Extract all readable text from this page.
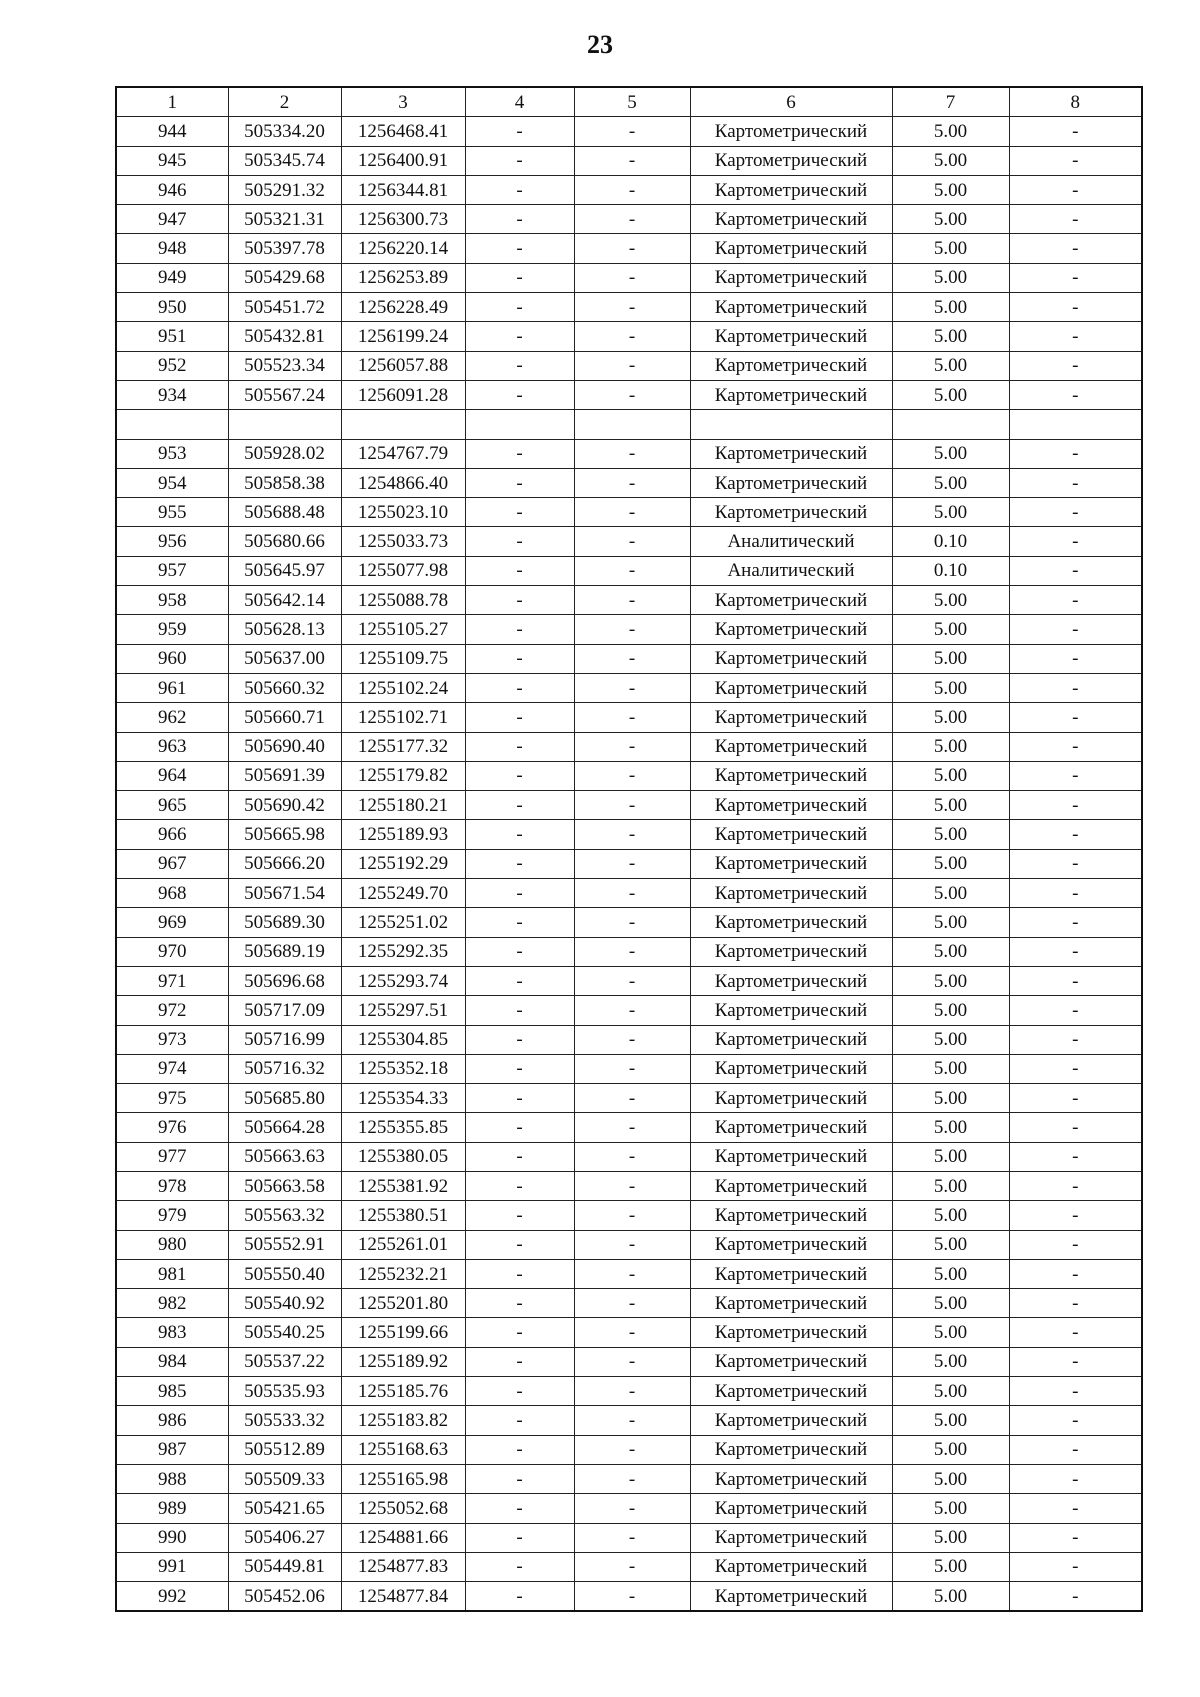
23
1	2	3	4	5	6	7	8
944	505334.20	1256468.41	-	-	Картометрический	5.00	-
945	505345.74	1256400.91	-	-	Картометрический	5.00	-
946	505291.32	1256344.81	-	-	Картометрический	5.00	-
947	505321.31	1256300.73	-	-	Картометрический	5.00	-
948	505397.78	1256220.14	-	-	Картометрический	5.00	-
949	505429.68	1256253.89	-	-	Картометрический	5.00	-
950	505451.72	1256228.49	-	-	Картометрический	5.00	-
951	505432.81	1256199.24	-	-	Картометрический	5.00	-
952	505523.34	1256057.88	-	-	Картометрический	5.00	-
934	505567.24	1256091.28	-	-	Картометрический	5.00	-

953	505928.02	1254767.79	-	-	Картометрический	5.00	-
954	505858.38	1254866.40	-	-	Картометрический	5.00	-
955	505688.48	1255023.10	-	-	Картометрический	5.00	-
956	505680.66	1255033.73	-	-	Аналитический	0.10	-
957	505645.97	1255077.98	-	-	Аналитический	0.10	-
958	505642.14	1255088.78	-	-	Картометрический	5.00	-
959	505628.13	1255105.27	-	-	Картометрический	5.00	-
960	505637.00	1255109.75	-	-	Картометрический	5.00	-
961	505660.32	1255102.24	-	-	Картометрический	5.00	-
962	505660.71	1255102.71	-	-	Картометрический	5.00	-
963	505690.40	1255177.32	-	-	Картометрический	5.00	-
964	505691.39	1255179.82	-	-	Картометрический	5.00	-
965	505690.42	1255180.21	-	-	Картометрический	5.00	-
966	505665.98	1255189.93	-	-	Картометрический	5.00	-
967	505666.20	1255192.29	-	-	Картометрический	5.00	-
968	505671.54	1255249.70	-	-	Картометрический	5.00	-
969	505689.30	1255251.02	-	-	Картометрический	5.00	-
970	505689.19	1255292.35	-	-	Картометрический	5.00	-
971	505696.68	1255293.74	-	-	Картометрический	5.00	-
972	505717.09	1255297.51	-	-	Картометрический	5.00	-
973	505716.99	1255304.85	-	-	Картометрический	5.00	-
974	505716.32	1255352.18	-	-	Картометрический	5.00	-
975	505685.80	1255354.33	-	-	Картометрический	5.00	-
976	505664.28	1255355.85	-	-	Картометрический	5.00	-
977	505663.63	1255380.05	-	-	Картометрический	5.00	-
978	505663.58	1255381.92	-	-	Картометрический	5.00	-
979	505563.32	1255380.51	-	-	Картометрический	5.00	-
980	505552.91	1255261.01	-	-	Картометрический	5.00	-
981	505550.40	1255232.21	-	-	Картометрический	5.00	-
982	505540.92	1255201.80	-	-	Картометрический	5.00	-
983	505540.25	1255199.66	-	-	Картометрический	5.00	-
984	505537.22	1255189.92	-	-	Картометрический	5.00	-
985	505535.93	1255185.76	-	-	Картометрический	5.00	-
986	505533.32	1255183.82	-	-	Картометрический	5.00	-
987	505512.89	1255168.63	-	-	Картометрический	5.00	-
988	505509.33	1255165.98	-	-	Картометрический	5.00	-
989	505421.65	1255052.68	-	-	Картометрический	5.00	-
990	505406.27	1254881.66	-	-	Картометрический	5.00	-
991	505449.81	1254877.83	-	-	Картометрический	5.00	-
992	505452.06	1254877.84	-	-	Картометрический	5.00	-
